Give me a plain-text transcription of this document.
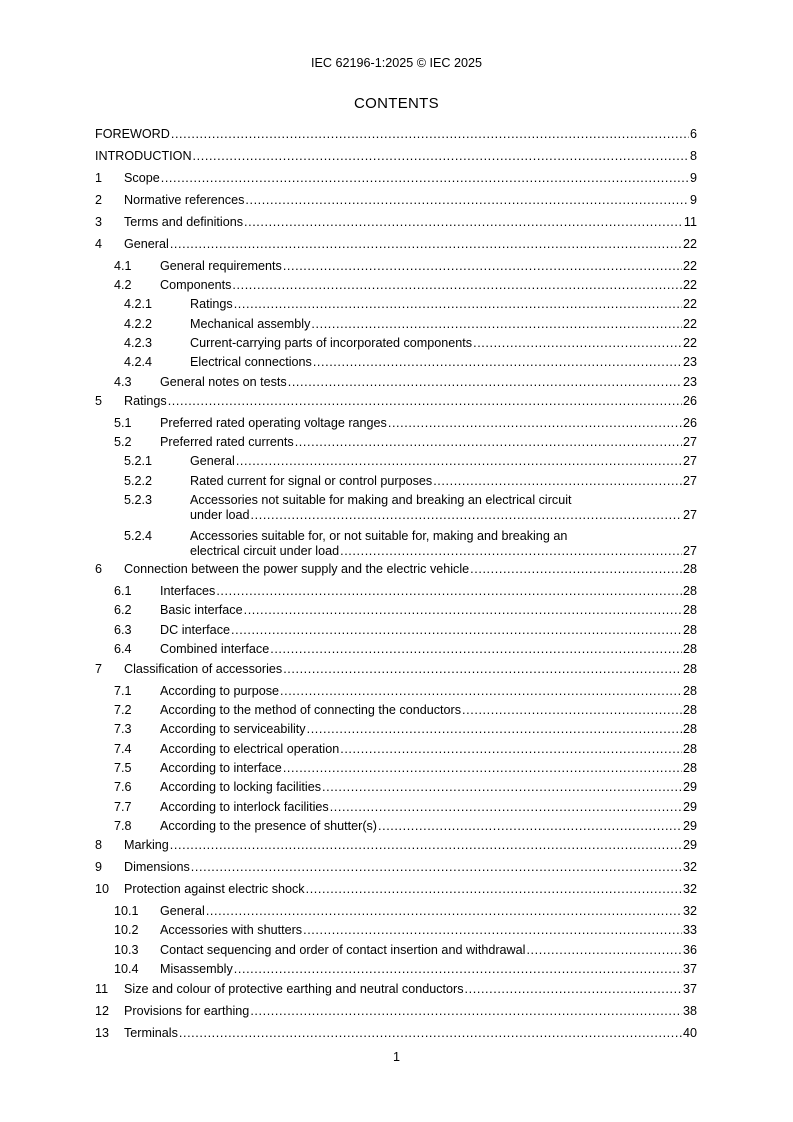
IEC 62196-1:2025 © IEC 2025
CONTENTS
FOREWORD .....	6
INTRODUCTION .....	8
1 Scope .....	9
2 Normative references .....	9
3 Terms and definitions .....	11
4 General .....	22
4.1 General requirements .....	22
4.2 Components .....	22
4.2.1	Ratings .....	22
4.2.2	Mechanical assembly .....	22
4.2.3	Current-carrying parts of incorporated components .....	22
4.2.4	Electrical connections .....	23
4.3 General notes on tests .....	23
5 Ratings .....	26
5.1 Preferred rated operating voltage ranges .....	26
5.2 Preferred rated currents .....	27
5.2.1	General .....	27
5.2.2	Rated current for signal or control purposes .....	27
5.2.3	Accessories not suitable for making and breaking an electrical circuit
under load .....	27
5.2.4	Accessories suitable for, or not suitable for, making and breaking an
electrical circuit under load .....	27
6 Connection between the power supply and the electric vehicle .....	28
6.1 Interfaces .....	28
6.2 Basic interface .....	28
6.3 DC interface .....	28
6.4 Combined interface .....	28
7 Classification of accessories .....	28
7.1 According to purpose .....	28
7.2 According to the method of connecting the conductors .....	28
7.3 According to serviceability .....	28
7.4 According to electrical operation .....	28
7.5 According to interface .....	28
7.6 According to locking facilities .....	29
7.7 According to interlock facilities .....	29
7.8 According to the presence of shutter(s) .....	29
8 Marking .....	29
9 Dimensions .....	32
10 Protection against electric shock .....	32
10.1 General .....	32
10.2 Accessories with shutters .....	33
10.3 Contact sequencing and order of contact insertion and withdrawal .....	36
10.4 Misassembly .....	37
11 Size and colour of protective earthing and neutral conductors .....	37
12 Provisions for earthing .....	38
13 Terminals .....	40
1
